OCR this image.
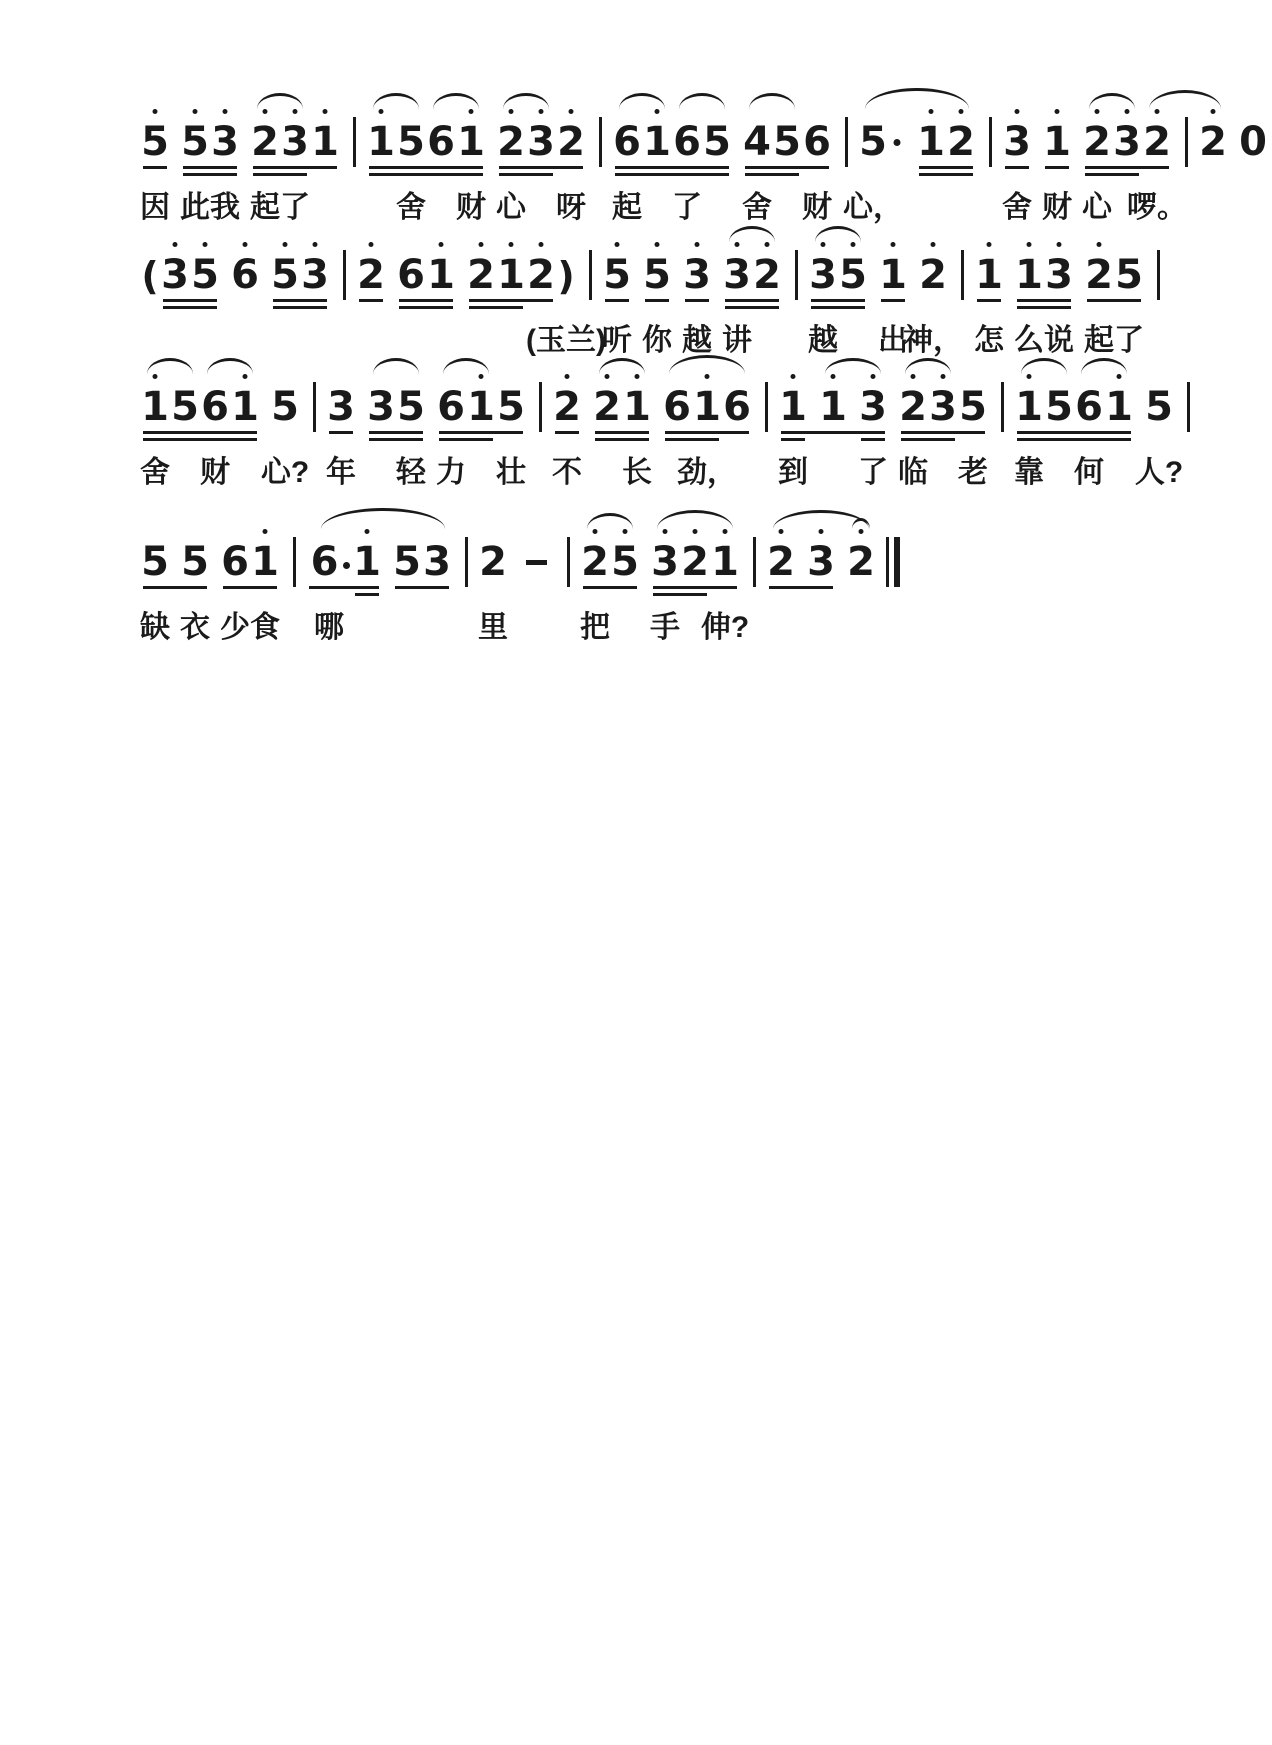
5 5 3 2 3 1 1 5 6 1 2 3 2 6 1 6 5 4 5 6 5 1 2 3 1 2 3 2 2 0
因 此 我 起 了	舍 财 心 呀 起 了 舍 财 心，	舍 财 心 啰。
( 3 5 6 5 3 2 6 1 2 1 2 ) 5 5 3 3 2 3 5 1 2 1 1 3 2 5
(玉兰)
听 你 越 讲 越 出
神， 怎 么 说 起 了
1 5 6 1 5 3 3 5 6 1 5 2 2 1 6 1 6 1 1 3 2 3 5 1 5 6 1 5
舍 财 心? 年 轻 力 壮 不 长 劲， 到 了 临 老 靠 何 人?
5 5 6 1 6 1 5 3 2 2 5 3 2 1 2 3 2
缺 衣 少 食 哪	里 把 手 伸?
